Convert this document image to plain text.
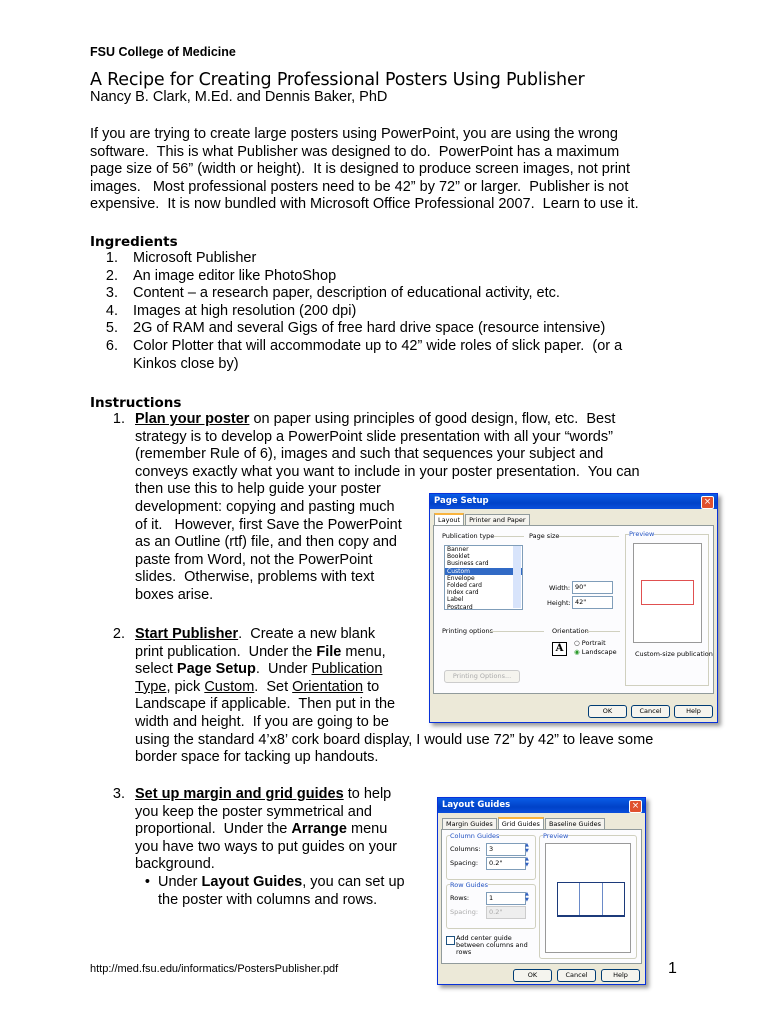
FSU College of Medicine
A Recipe for Creating Professional Posters Using Publisher
Nancy B. Clark, M.Ed. and Dennis Baker, PhD
If you are trying to create large posters using PowerPoint, you are using the wrong
software.  This is what Publisher was designed to do.  PowerPoint has a maximum
page size of 56” (width or height).  It is designed to produce screen images, not print
images.   Most professional posters need to be 42” by 72” or larger.  Publisher is not
expensive.  It is now bundled with Microsoft Office Professional 2007.  Learn to use it.
Ingredients
1. Microsoft Publisher
2. An image editor like PhotoShop
3. Content – a research paper, description of educational activity, etc.
4. Images at high resolution (200 dpi)
5. 2G of RAM and several Gigs of free hard drive space (resource intensive)
6. Color Plotter that will accommodate up to 42” wide roles of slick paper.  (or a
Kinkos close by)
Instructions
1. Plan your poster on paper using principles of good design, flow, etc.  Best
strategy is to develop a PowerPoint slide presentation with all your “words”
(remember Rule of 6), images and such that sequences your subject and
conveys exactly what you want to include in your poster presentation.  You can
then use this to help guide your poster
development: copying and pasting much
of it.   However, first Save the PowerPoint
as an Outline (rtf) file, and then copy and
paste from Word, not the PowerPoint
slides.  Otherwise, problems with text
boxes arise.
2. Start Publisher.  Create a new blank
print publication.  Under the File menu,
select Page Setup.  Under Publication
Type, pick Custom.  Set Orientation to
Landscape if applicable.  Then put in the
width and height.  If you are going to be
using the standard 4’x8’ cork board display, I would use 72” by 42” to leave some
border space for tacking up handouts.
3. Set up margin and grid guides to help
you keep the poster symmetrical and
proportional.  Under the Arrange menu
you have two ways to put guides on your
background.
• Under Layout Guides, you can set up
the poster with columns and rows.
Page Setup	×
Layout	Printer and Paper
Publication type	Page size
Banner
Booklet
Business card
Custom
Envelope
Folded card
Index card
Label
Postcard
Width: 90"
Height: 42"
Printing options	Orientation
A	○ Portrait
◉ Landscape
Printing Options...
Preview
Custom-size publication
OK	Cancel	Help
Layout Guides	×
Margin Guides	Grid Guides	Baseline Guides
Column Guides
Columns:	3	▲
▼
Spacing:	0.2"	▲
▼
Row Guides
Rows:	1	▲
▼
Spacing:	0.2"
Add center guide between columns and rows
Preview
OK	Cancel	Help
http://med.fsu.edu/informatics/PostersPublisher.pdf	1
